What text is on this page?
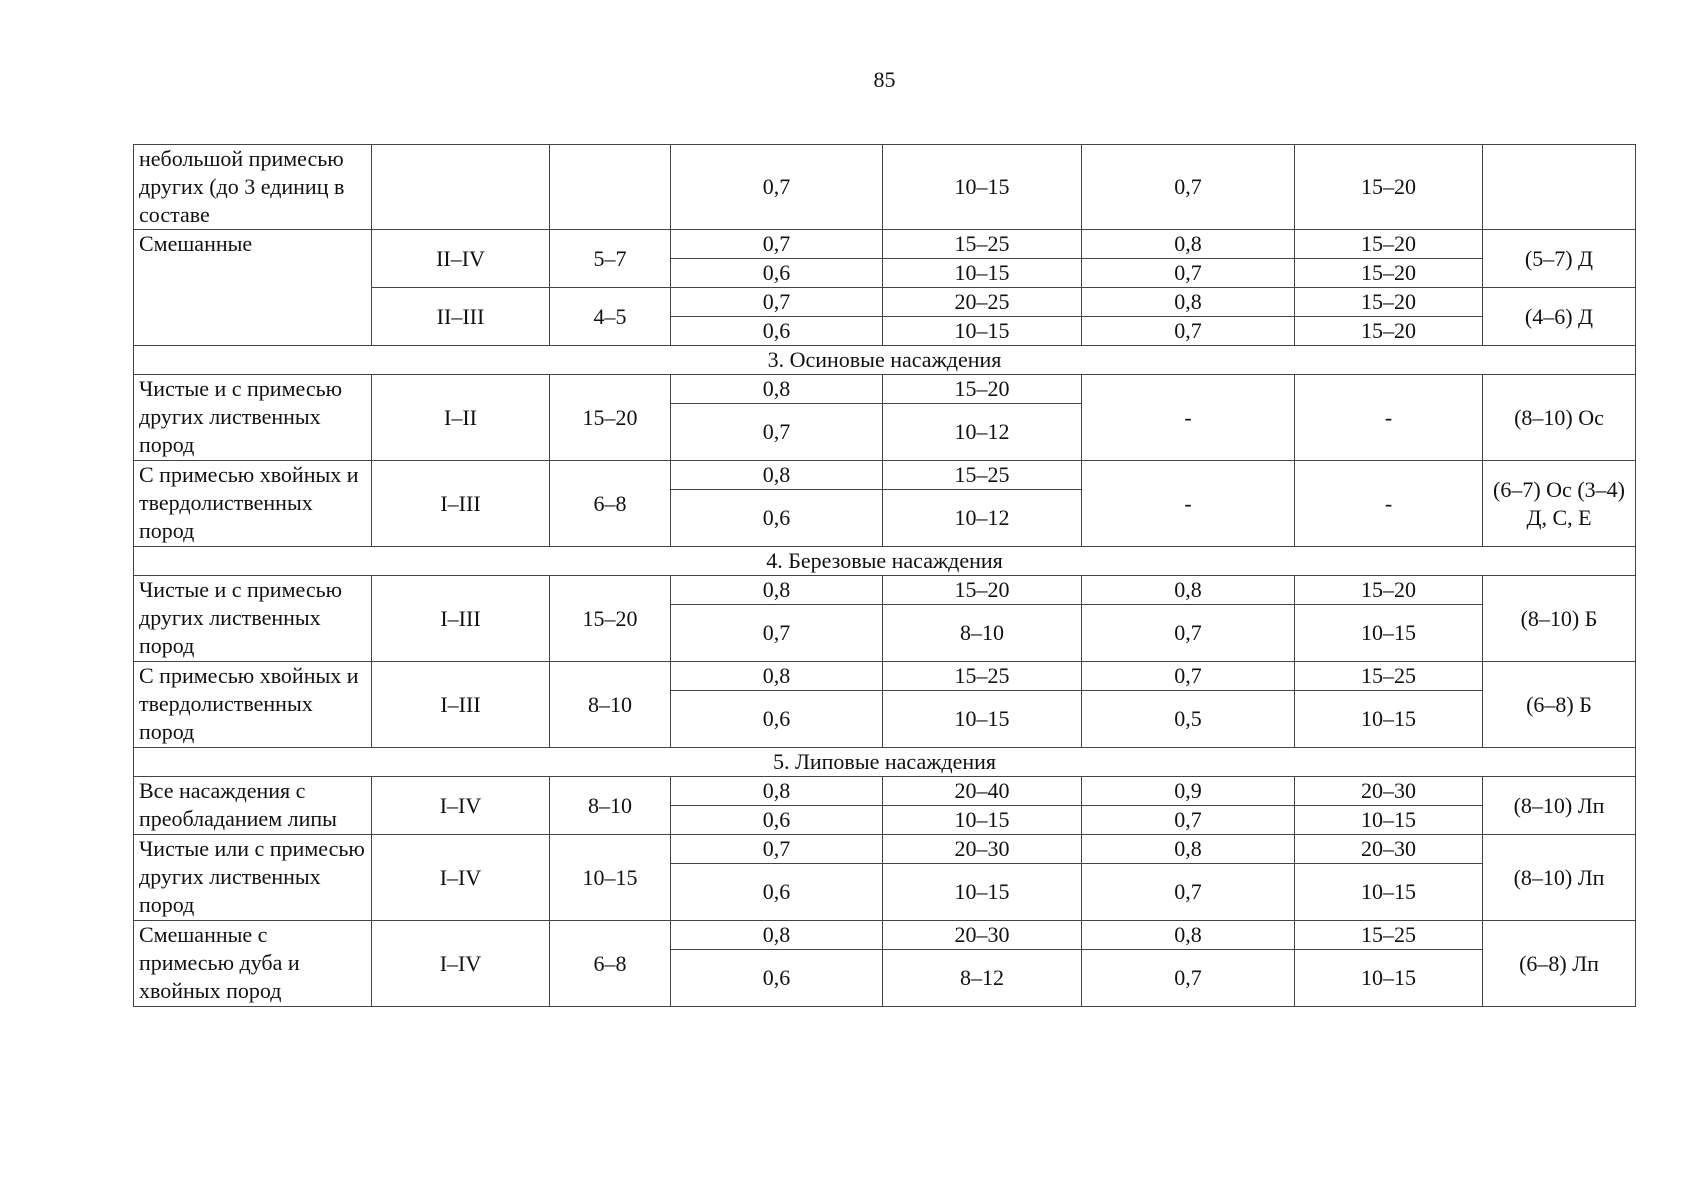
85
небольшой примесью других (до 3 единиц в составе			0,7	10–15	0,7	15–20	
Смешанные	II–IV	5–7	0,7	15–25	0,8	15–20	(5–7) Д
			0,6	10–15	0,7	15–20	
	II–III	4–5	0,7	20–25	0,8	15–20	(4–6) Д
			0,6	10–15	0,7	15–20	
3. Осиновые насаждения							
Чистые и с примесью других лиственных пород	I–II	15–20	0,8	15–20	-	-	(8–10) Ос
			0,7	10–12			
С примесью хвойных и твердолиственных пород	I–III	6–8	0,8	15–25	-	-	(6–7) Ос (3–4) Д, С, Е
			0,6	10–12			
4. Березовые насаждения							
Чистые и с примесью других лиственных пород	I–III	15–20	0,8	15–20	0,8	15–20	(8–10) Б
			0,7	8–10	0,7	10–15	
С примесью хвойных и твердолиственных пород	I–III	8–10	0,8	15–25	0,7	15–25	(6–8) Б
			0,6	10–15	0,5	10–15	
5. Липовые насаждения							
Все насаждения с преобладанием липы	I–IV	8–10	0,8	20–40	0,9	20–30	(8–10) Лп
			0,6	10–15	0,7	10–15	
Чистые или с примесью других лиственных пород	I–IV	10–15	0,7	20–30	0,8	20–30	(8–10) Лп
			0,6	10–15	0,7	10–15	
Смешанные с примесью дуба и хвойных пород	I–IV	6–8	0,8	20–30	0,8	15–25	(6–8) Лп
			0,6	8–12	0,7	10–15	
